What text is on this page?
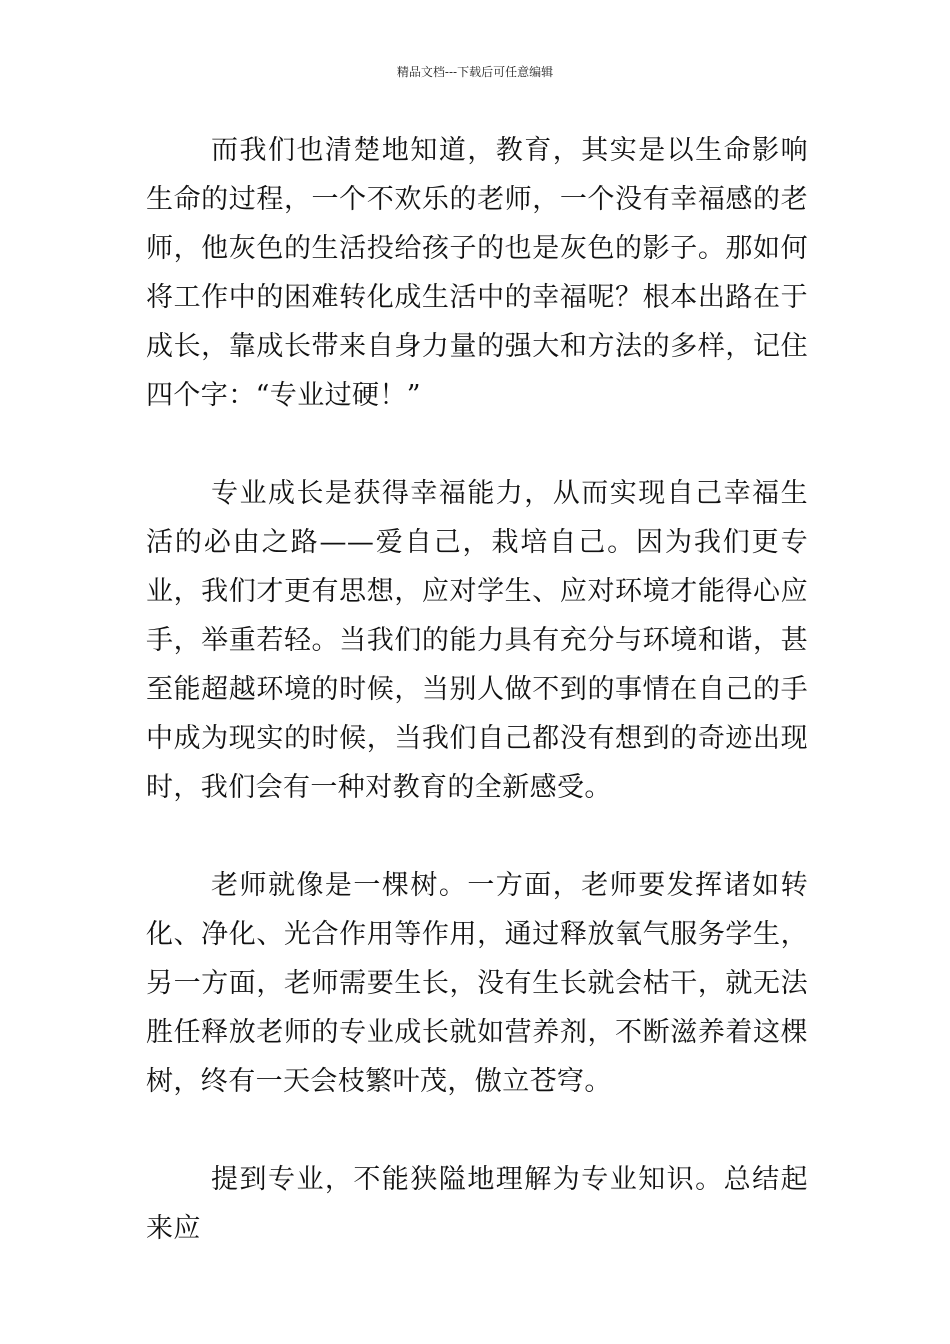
精品文档---下载后可任意编辑

而我们也清楚地知道，教育，其实是以生命影响生命的过程，一个不欢乐的老师，一个没有幸福感的老师，他灰色的生活投给孩子的也是灰色的影子。那如何将工作中的困难转化成生活中的幸福呢？根本出路在于成长，靠成长带来自身力量的强大和方法的多样，记住四个字：“专业过硬！”

专业成长是获得幸福能力，从而实现自己幸福生活的必由之路——爱自己，栽培自己。因为我们更专业，我们才更有思想，应对学生、应对环境才能得心应手，举重若轻。当我们的能力具有充分与环境和谐，甚至能超越环境的时候，当别人做不到的事情在自己的手中成为现实的时候，当我们自己都没有想到的奇迹出现时，我们会有一种对教育的全新感受。

老师就像是一棵树。一方面，老师要发挥诸如转化、净化、光合作用等作用，通过释放氧气服务学生，另一方面，老师需要生长，没有生长就会枯干，就无法胜任释放老师的专业成长就如营养剂，不断滋养着这棵树，终有一天会枝繁叶茂，傲立苍穹。

提到专业，不能狭隘地理解为专业知识。总结起来应
